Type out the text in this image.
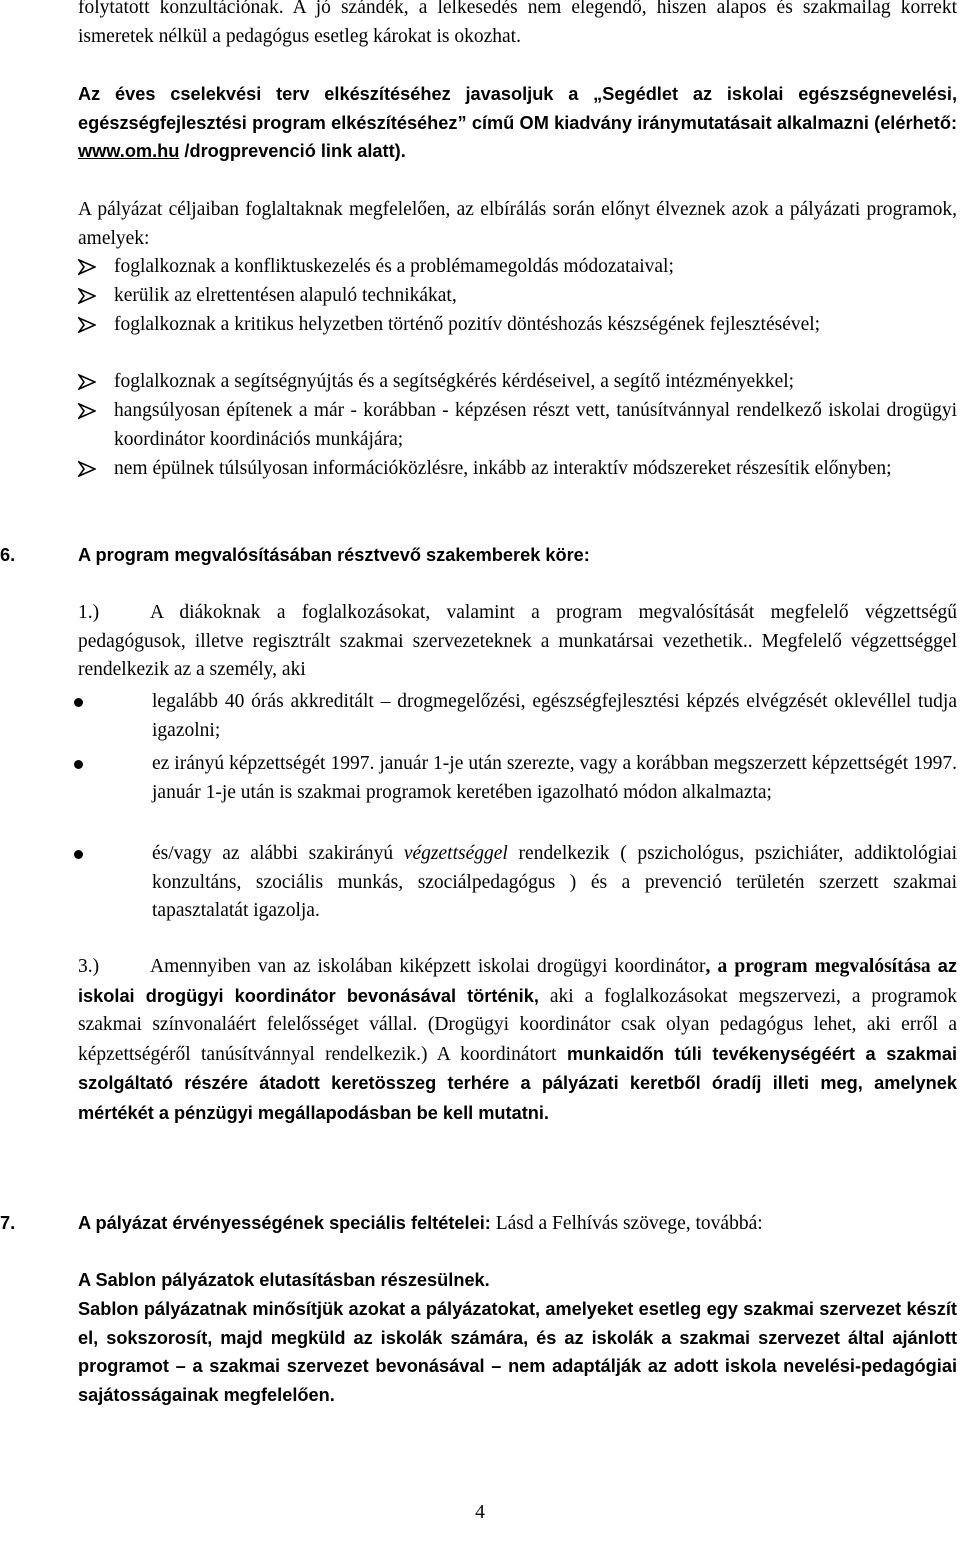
folytatott konzultációnak. A jó szándék, a lelkesedés nem elegendő, hiszen alapos és szakmailag korrekt ismeretek nélkül a pedagógus esetleg károkat is okozhat.

Az éves cselekvési terv elkészítéséhez javasoljuk a „Segédlet az iskolai egészségnevelési, egészségfejlesztési program elkészítéséhez” című OM kiadvány iránymutatásait alkalmazni (elérhető: www.om.hu /drogprevenció link alatt).

A pályázat céljaiban foglaltaknak megfelelően, az elbírálás során előnyt élveznek azok a pályázati programok, amelyek:

foglalkoznak a konfliktuskezelés és a problémamegoldás módozataival;

kerülik az elrettentésen alapuló technikákat,

foglalkoznak a kritikus helyzetben történő pozitív döntéshozás készségének fejlesztésével;

foglalkoznak a segítségnyújtás és a segítségkérés kérdéseivel, a segítő intézményekkel;

hangsúlyosan építenek a már - korábban - képzésen részt vett, tanúsítvánnyal rendelkező iskolai drogügyi koordinátor koordinációs munkájára;

nem épülnek túlsúlyosan információközlésre, inkább az interaktív módszereket részesítik előnyben;

6.	A program megvalósításában résztvevő szakemberek köre:

1.)	A diákoknak a foglalkozásokat, valamint a program megvalósítását megfelelő végzettségű pedagógusok, illetve regisztrált szakmai szervezeteknek a munkatársai vezethetik.. Megfelelő végzettséggel rendelkezik az a személy, aki

legalább 40 órás akkreditált – drogmegelőzési, egészségfejlesztési képzés elvégzését oklevéllel tudja igazolni;

ez irányú képzettségét 1997. január 1-je után szerezte, vagy a korábban megszerzett képzettségét 1997. január 1-je után is szakmai programok keretében igazolható módon alkalmazta;

és/vagy az alábbi szakirányú végzettséggel rendelkezik ( pszichológus, pszichiáter, addiktológiai konzultáns, szociális munkás, szociálpedagógus ) és a prevenció területén szerzett szakmai tapasztalatát igazolja.

3.)	Amennyiben van az iskolában kiképzett iskolai drogügyi koordinátor, a program megvalósítása az iskolai drogügyi koordinátor bevonásával történik, aki a foglalkozásokat megszervezi, a programok szakmai színvonaláért felelősséget vállal. (Drogügyi koordinátor csak olyan pedagógus lehet, aki erről a képzettségéről tanúsítvánnyal rendelkezik.) A koordinátort munkaidőn túli tevékenységéért a szakmai szolgáltató részére átadott keretösszeg terhére a pályázati keretből óradíj illeti meg, amelynek mértékét a pénzügyi megállapodásban be kell mutatni.

7.	A pályázat érvényességének speciális feltételei: Lásd a Felhívás szövege, továbbá:

A Sablon pályázatok elutasításban részesülnek.

Sablon pályázatnak minősítjük azokat a pályázatokat, amelyeket esetleg egy szakmai szervezet készít el, sokszorosít, majd megküld az iskolák számára, és az iskolák a szakmai szervezet által ajánlott programot – a szakmai szervezet bevonásával – nem adaptálják az adott iskola nevelési-pedagógiai sajátosságainak megfelelően.

4
